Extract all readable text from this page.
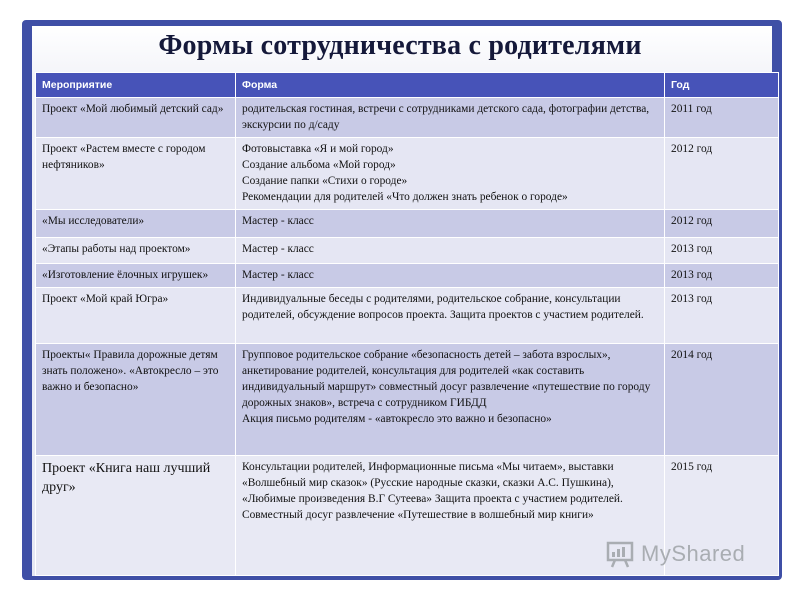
Формы сотрудничества с родителями
Мероприятие	Форма	Год
Проект «Мой любимый детский сад»	родительская гостиная, встречи с сотрудниками детского сада, фотографии детства, экскурсии по д/саду	2011 год
Проект «Растем вместе с городом нефтяников»	Фотовыставка «Я и мой город»
Создание альбома «Мой город»
Создание папки «Стихи о городе»
Рекомендации для родителей «Что должен знать ребенок о городе»	2012 год
«Мы исследователи»	Мастер - класс	2012 год
«Этапы работы над проектом»	Мастер - класс	2013 год
«Изготовление ёлочных игрушек»	Мастер - класс	2013 год
Проект «Мой край Югра»	Индивидуальные беседы с родителями, родительское собрание, консультации родителей, обсуждение вопросов проекта. Защита проектов с участием родителей.	2013 год
Проекты« Правила дорожные детям знать положено». «Автокресло – это важно и безопасно»	Групповое родительское собрание «безопасность детей – забота взрослых», анкетирование родителей, консультация для родителей «как составить индивидуальный маршрут» совместный досуг развлечение «путешествие по городу дорожных знаков», встреча с сотрудником ГИБДД
Акция письмо родителям - «автокресло это важно и безопасно»	2014 год
Проект «Книга наш лучший друг»	Консультации родителей, Информационные письма «Мы читаем», выставки «Волшебный мир сказок» (Русские народные сказки, сказки А.С. Пушкина), «Любимые произведения В.Г Сутеева» Защита проекта с участием родителей. Совместный досуг развлечение «Путешествие в волшебный мир книги»	2015 год
MyShared
